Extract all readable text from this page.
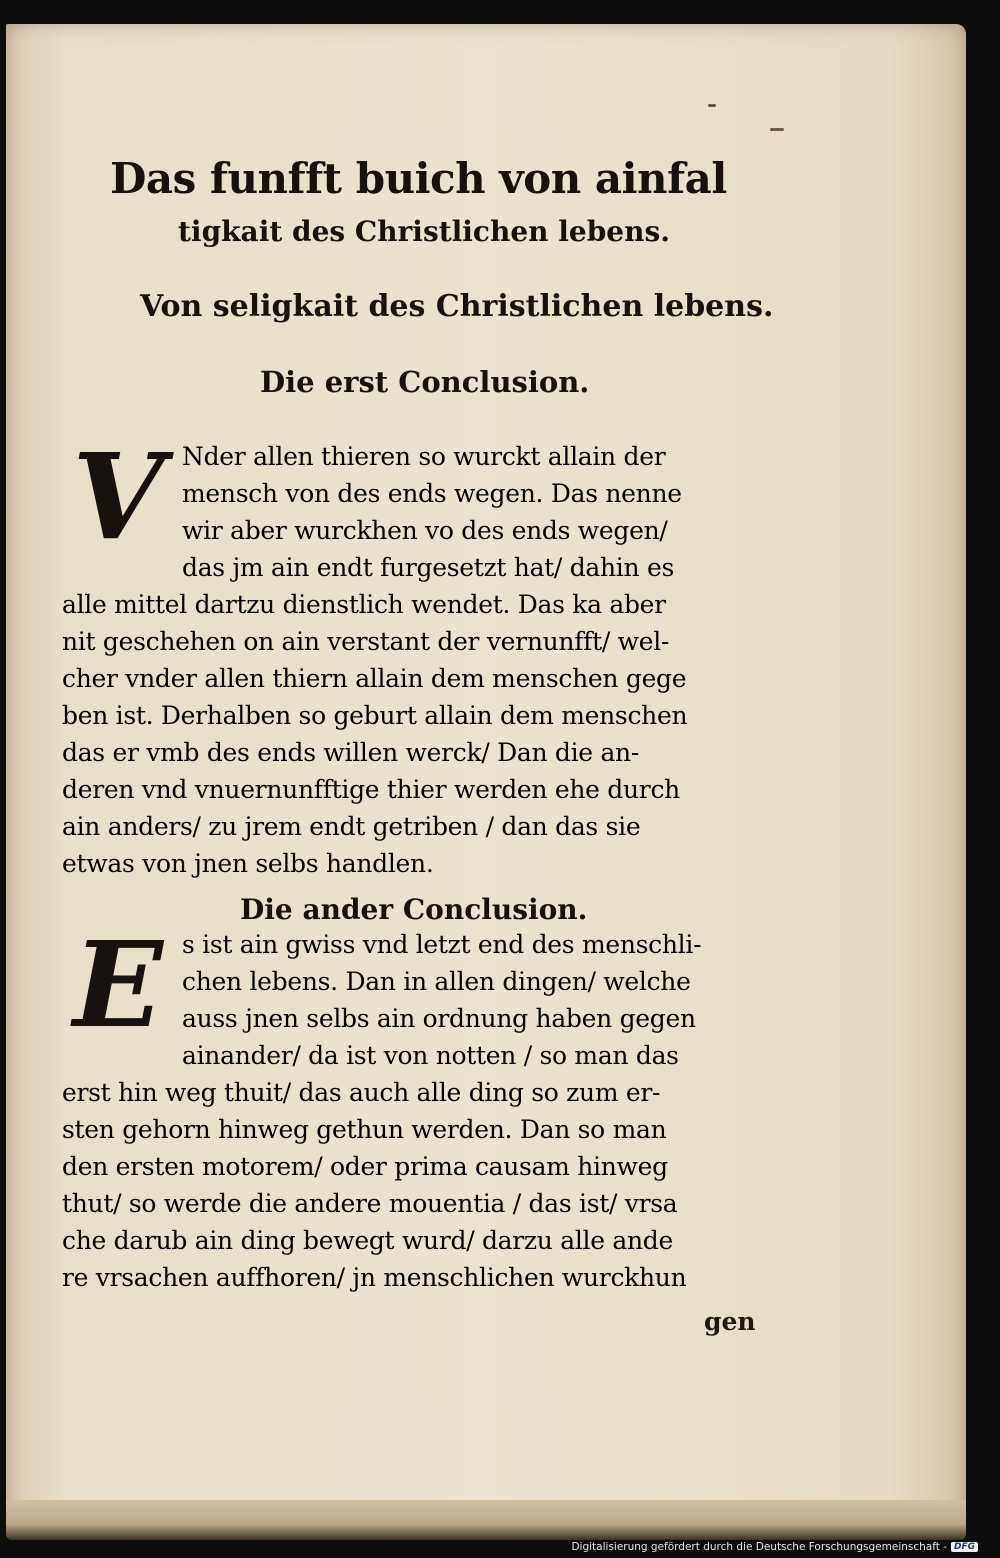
Das funfft buich von ainfal
tigkait des Christlichen lebens.
Von seligkait des Christlichen lebens.
Die erst Conclusion.
V Nder allen thieren so wurckt allain der
mensch von des ends wegen. Das nenne
wir aber wurckhen vo des ends wegen/
das jm ain endt furgesetzt hat/ dahin es
alle mittel dartzu dienstlich wendet. Das ka aber
nit geschehen on ain verstant der vernunfft/ wel-
cher vnder allen thiern allain dem menschen gege
ben ist. Derhalben so geburt allain dem menschen
das er vmb des ends willen werck/ Dan die an-
deren vnd vnuernunfftige thier werden ehe durch
ain anders/ zu jrem endt getriben / dan das sie
etwas von jnen selbs handlen.
Die ander Conclusion.
E s ist ain gwiss vnd letzt end des menschli-
chen lebens. Dan in allen dingen/ welche
auss jnen selbs ain ordnung haben gegen
ainander/ da ist von notten / so man das
erst hin weg thuit/ das auch alle ding so zum er-
sten gehorn hinweg gethun werden. Dan so man
den ersten motorem/ oder prima causam hinweg
thut/ so werde die andere mouentia / das ist/ vrsa
che darub ain ding bewegt wurd/ darzu alle ande
re vrsachen auffhoren/ jn menschlichen wurckhun
gen
Digitalisierung gefördert durch die Deutsche Forschungsgemeinschaft - DFG
